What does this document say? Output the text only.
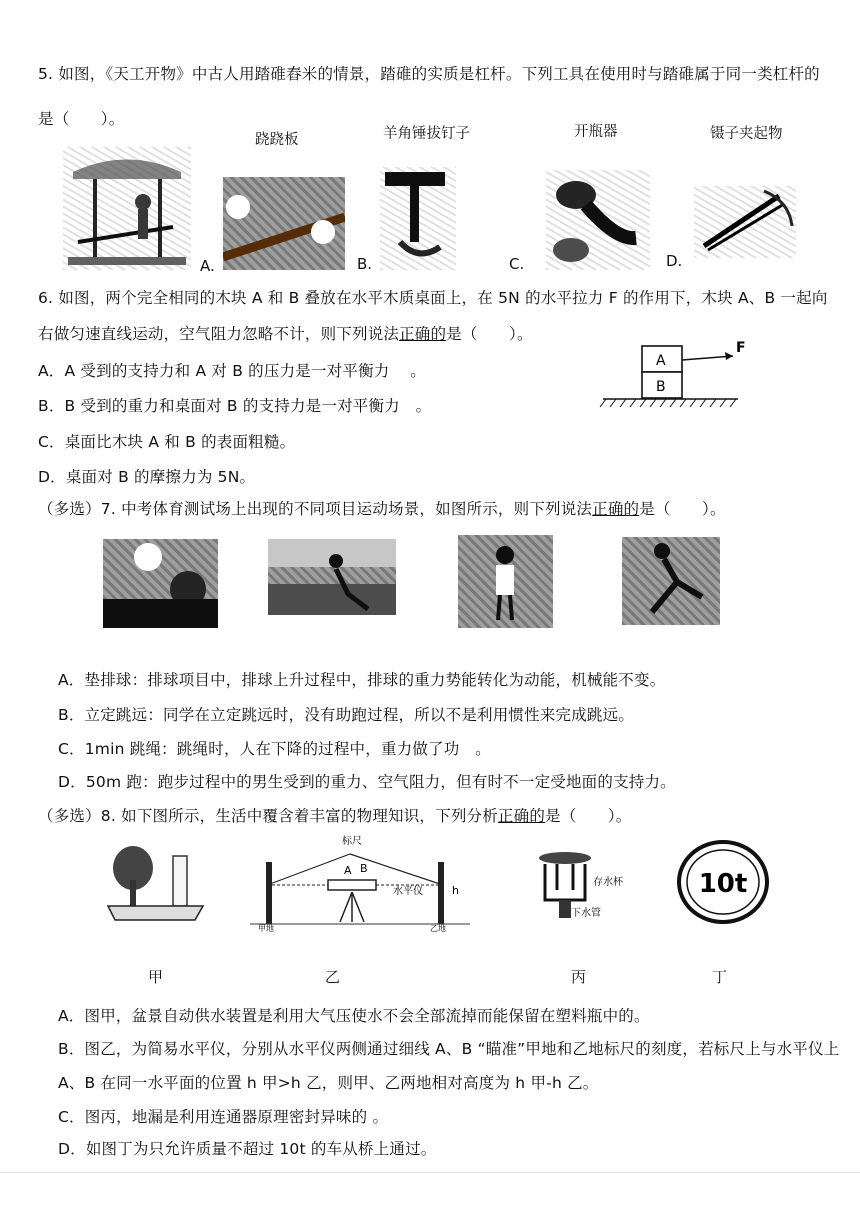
5. 如图，《天工开物》中古人用踏碓舂米的情景，踏碓的实质是杠杆。下列工具在使用时与踏碓属于同一类杠杆的
是（　　）。
跷跷板	羊角锤拔钉子	开瓶器	镊子夹起物
A.	B.	C.	D.
6. 如图，两个完全相同的木块 A 和 B 叠放在水平木质桌面上，在 5N 的水平拉力 F 的作用下，木块 A、B 一起向
右做匀速直线运动，空气阻力忽略不计，则下列说法正确的是（　　）。
A．A 受到的支持力和 A 对 B 的压力是一对平衡力　 。
B．B 受到的重力和桌面对 B 的支持力是一对平衡力　。
C．桌面比木块 A 和 B 的表面粗糙。
D．桌面对 B 的摩擦力为 5N。
A
B
F
（多选）7. 中考体育测试场上出现的不同项目运动场景，如图所示，则下列说法正确的是（　　）。
A．垫排球：排球项目中，排球上升过程中，排球的重力势能转化为动能，机械能不变。
B．立定跳远：同学在立定跳远时，没有助跑过程，所以不是利用惯性来完成跳远。
C．1min 跳绳：跳绳时，人在下降的过程中，重力做了功　。
D．50m 跑：跑步过程中的男生受到的重力、空气阻力，但有时不一定受地面的支持力。
（多选）8. 如下图所示，生活中覆含着丰富的物理知识，下列分析正确的是（　　）。
标尺
A B
水平仪	h
甲地	乙地
存水杯
下水管
10t
甲	乙	丙	丁
A．图甲，盆景自动供水装置是利用大气压使水不会全部流掉而能保留在塑料瓶中的。
B．图乙，为简易水平仪，分别从水平仪两侧通过细线 A、B “瞄准”甲地和乙地标尺的刻度，若标尺上与水平仪上
A、B 在同一水平面的位置 h 甲>h 乙，则甲、乙两地相对高度为 h 甲-h 乙。
C．图丙，地漏是利用连通器原理密封异味的 。
D．如图丁为只允许质量不超过 10t 的车从桥上通过。
